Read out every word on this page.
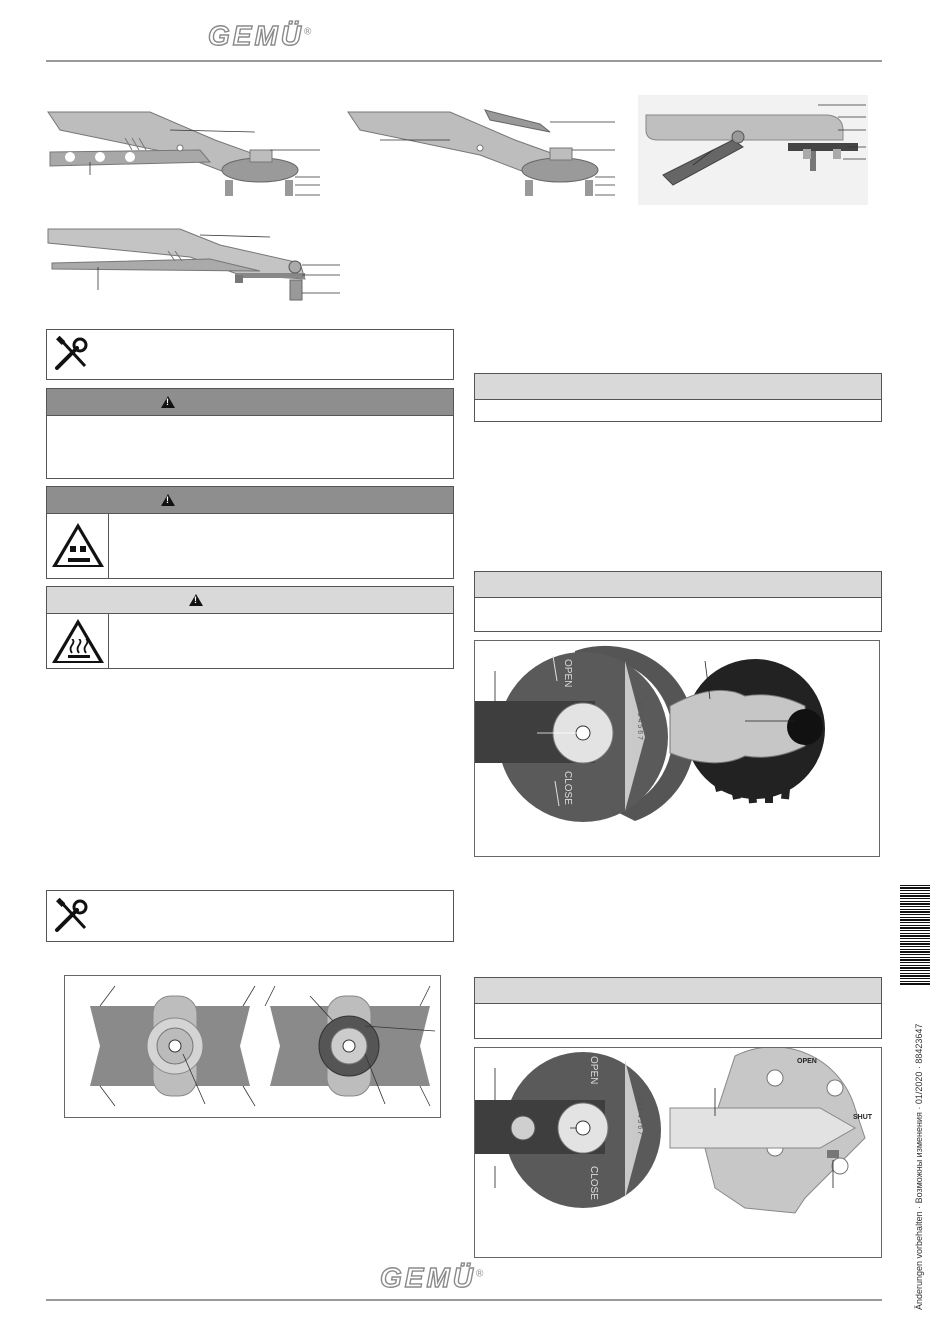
GEMÜ®
!
!
!
OPEN
CLOSE
1 2 3 4 5 6 7
OPEN
CLOSE
1 2 3 4 5 6 7
OPEN
SHUT	Änderungen vorbehalten · Возможны изменения · 01/2020 · 88423647
GEMÜ®
